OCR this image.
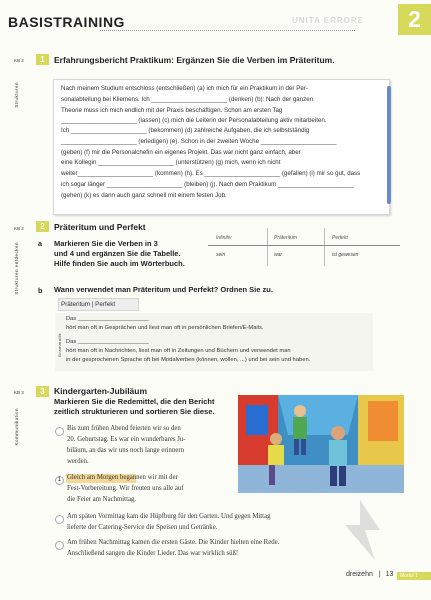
BASISTRAINING	UNITA ERRORE	2
KB 2
Strukturen
1	Erfahrungsbericht Praktikum: Ergänzen Sie die Verben im Präteritum.
Nach meinem Studium entschloss (entschließen) (a) ich mich für ein Praktikum in der Per-
sonalabteilung bei Kliemens. Ich ______________________ (denken) (b): Nach der ganzen
Theorie muss ich mich endlich mit der Praxis beschäftigen. Schon am ersten Tag
______________________ (lassen) (c) mich die Leiterin der Personalabteilung aktiv mitarbeiten.
Ich ______________________ (bekommen) (d) zahlreiche Aufgaben, die ich selbstständig
______________________ (erledigen) (e). Schon in der zweiten Woche ______________________
(geben) (f) mir die Personalchefin ein eigenes Projekt. Das war nicht ganz einfach, aber
eine Kollegin ______________________ (unterstützen) (g) mich, wenn ich nicht
weiter______________________ (kommen) (h). Es ______________________ (gefallen) (i) mir so gut, dass
ich sogar länger ______________________ (bleiben) (j). Nach dem Praktikum ______________________
(gehen) (k) es dann auch ganz schnell mit einem festen Job.
KB 2
Strukturen entdecken
2	Präteritum und Perfekt
a Markieren Sie die Verben in 3
und 4 und ergänzen Sie die Tabelle.
Hilfe finden Sie auch im Wörterbuch.
Infinitiv	Präteritum	Perfekt
sein	war	ist gewesen
b Wann verwendet man Präteritum und Perfekt? Ordnen Sie zu.
Präteritum | Perfekt
Grammatik
Das ______________________
hört man oft in Gesprächen und liest man oft in persönlichen Briefen/E-Mails.
Das ______________________
hört man oft in Nachrichten, liest man oft in Zeitungen und Büchern und verwendet man
in der gesprochenen Sprache oft bei Modalverben (können, wollen, ...) und bei sein und haben.
KB 3
Kommunikation
3	Kindergarten-Jubiläum
Markieren Sie die Redemittel, die den Bericht
zeitlich strukturieren und sortieren Sie diese.
Bis zum frühen Abend feierten wir so den
20. Geburtstag. Es war ein wunderbares Ju-
biläum, an das wir uns noch lange erinnern
werden.
1 Gleich am Morgen begannen wir mit der
Fest-Vorbereitung. Wir freuten uns alle auf
die Feier am Nachmittag.
Am späten Vormittag kam die Hüpfburg für den Garten. Und gegen Mittag
lieferte der Catering-Service die Speisen und Getränke.
Am frühen Nachmittag kamen die ersten Gäste. Die Kinder hielten eine Rede.
Anschließend sangen die Kinder Lieder. Das war wirklich süß!
dreizehn | 13	Modul 1
